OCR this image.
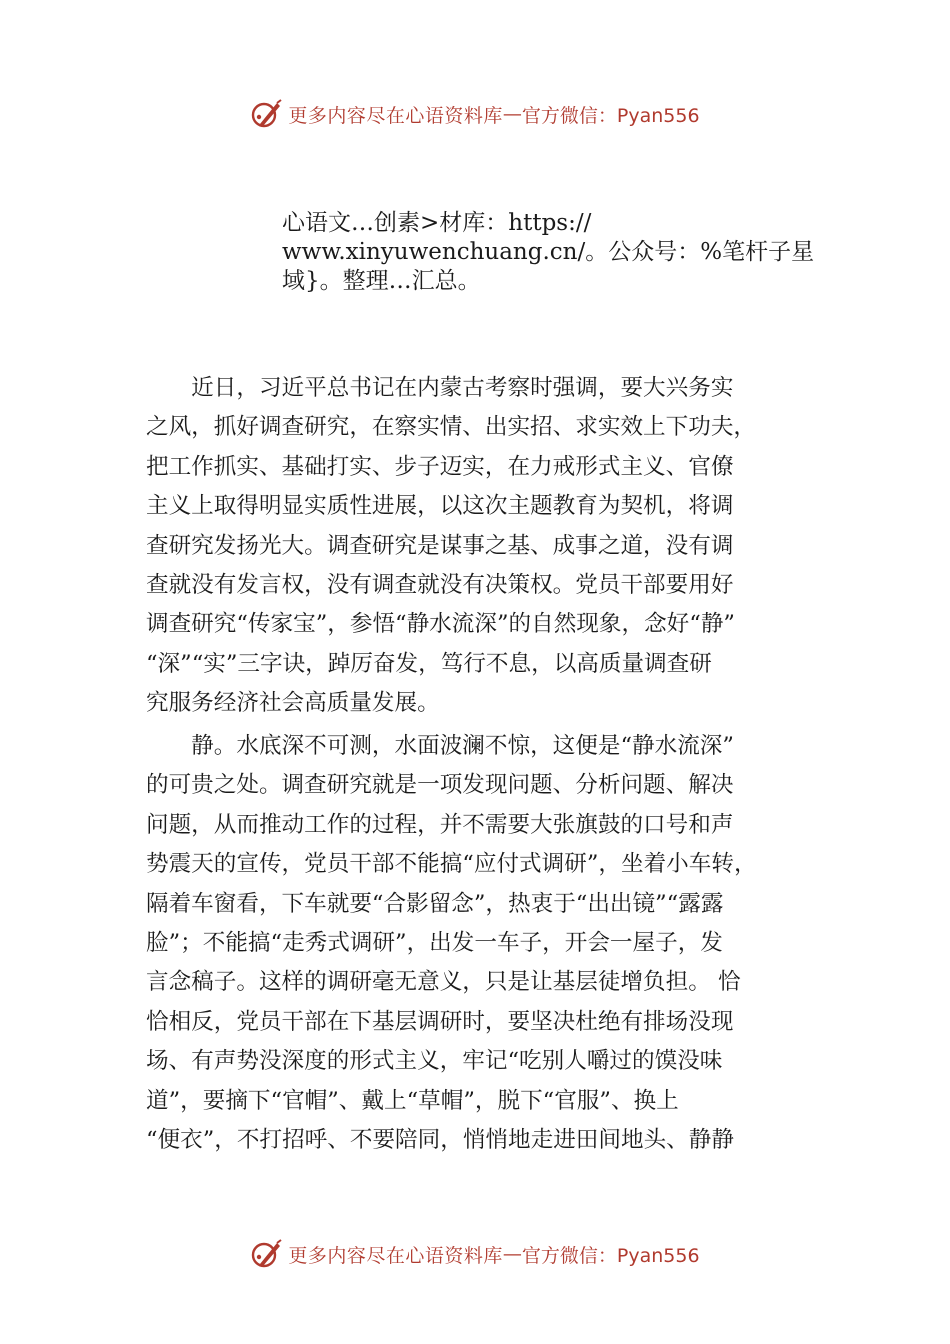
更多内容尽在心语资料库 — 官方微信：Pyan556
心语文…创素>材库：https://
www.xinyuwenchuang.cn/。公众号：%笔杆子星
域}。整理…汇总。
　　近日，习近平总书记在内蒙古考察时强调，要大兴务实
之风，抓好调查研究，在察实情、出实招、求实效上下功夫，
把工作抓实、基础打实、步子迈实，在力戒形式主义、官僚
主义上取得明显实质性进展，以这次主题教育为契机，将调
查研究发扬光大。调查研究是谋事之基、成事之道，没有调
查就没有发言权，没有调查就没有决策权。党员干部要用好
调查研究“传家宝”，参悟“静水流深”的自然现象，念好“静”
“深”“实”三字诀，踔厉奋发，笃行不息，以高质量调查研
究服务经济社会高质量发展。
　　静。水底深不可测，水面波澜不惊，这便是“静水流深”
的可贵之处。调查研究就是一项发现问题、分析问题、解决
问题，从而推动工作的过程，并不需要大张旗鼓的口号和声
势震天的宣传，党员干部不能搞“应付式调研”，坐着小车转，
隔着车窗看，下车就要“合影留念”，热衷于“出出镜”“露露
脸”；不能搞“走秀式调研”，出发一车子，开会一屋子，发
言念稿子。这样的调研毫无意义，只是让基层徒增负担。 恰
恰相反，党员干部在下基层调研时，要坚决杜绝有排场没现
场、有声势没深度的形式主义，牢记“吃别人嚼过的馍没味
道”，要摘下“官帽”、戴上“草帽”，脱下“官服”、换上
“便衣”，不打招呼、不要陪同，悄悄地走进田间地头、静静
更多内容尽在心语资料库 — 官方微信：Pyan556
